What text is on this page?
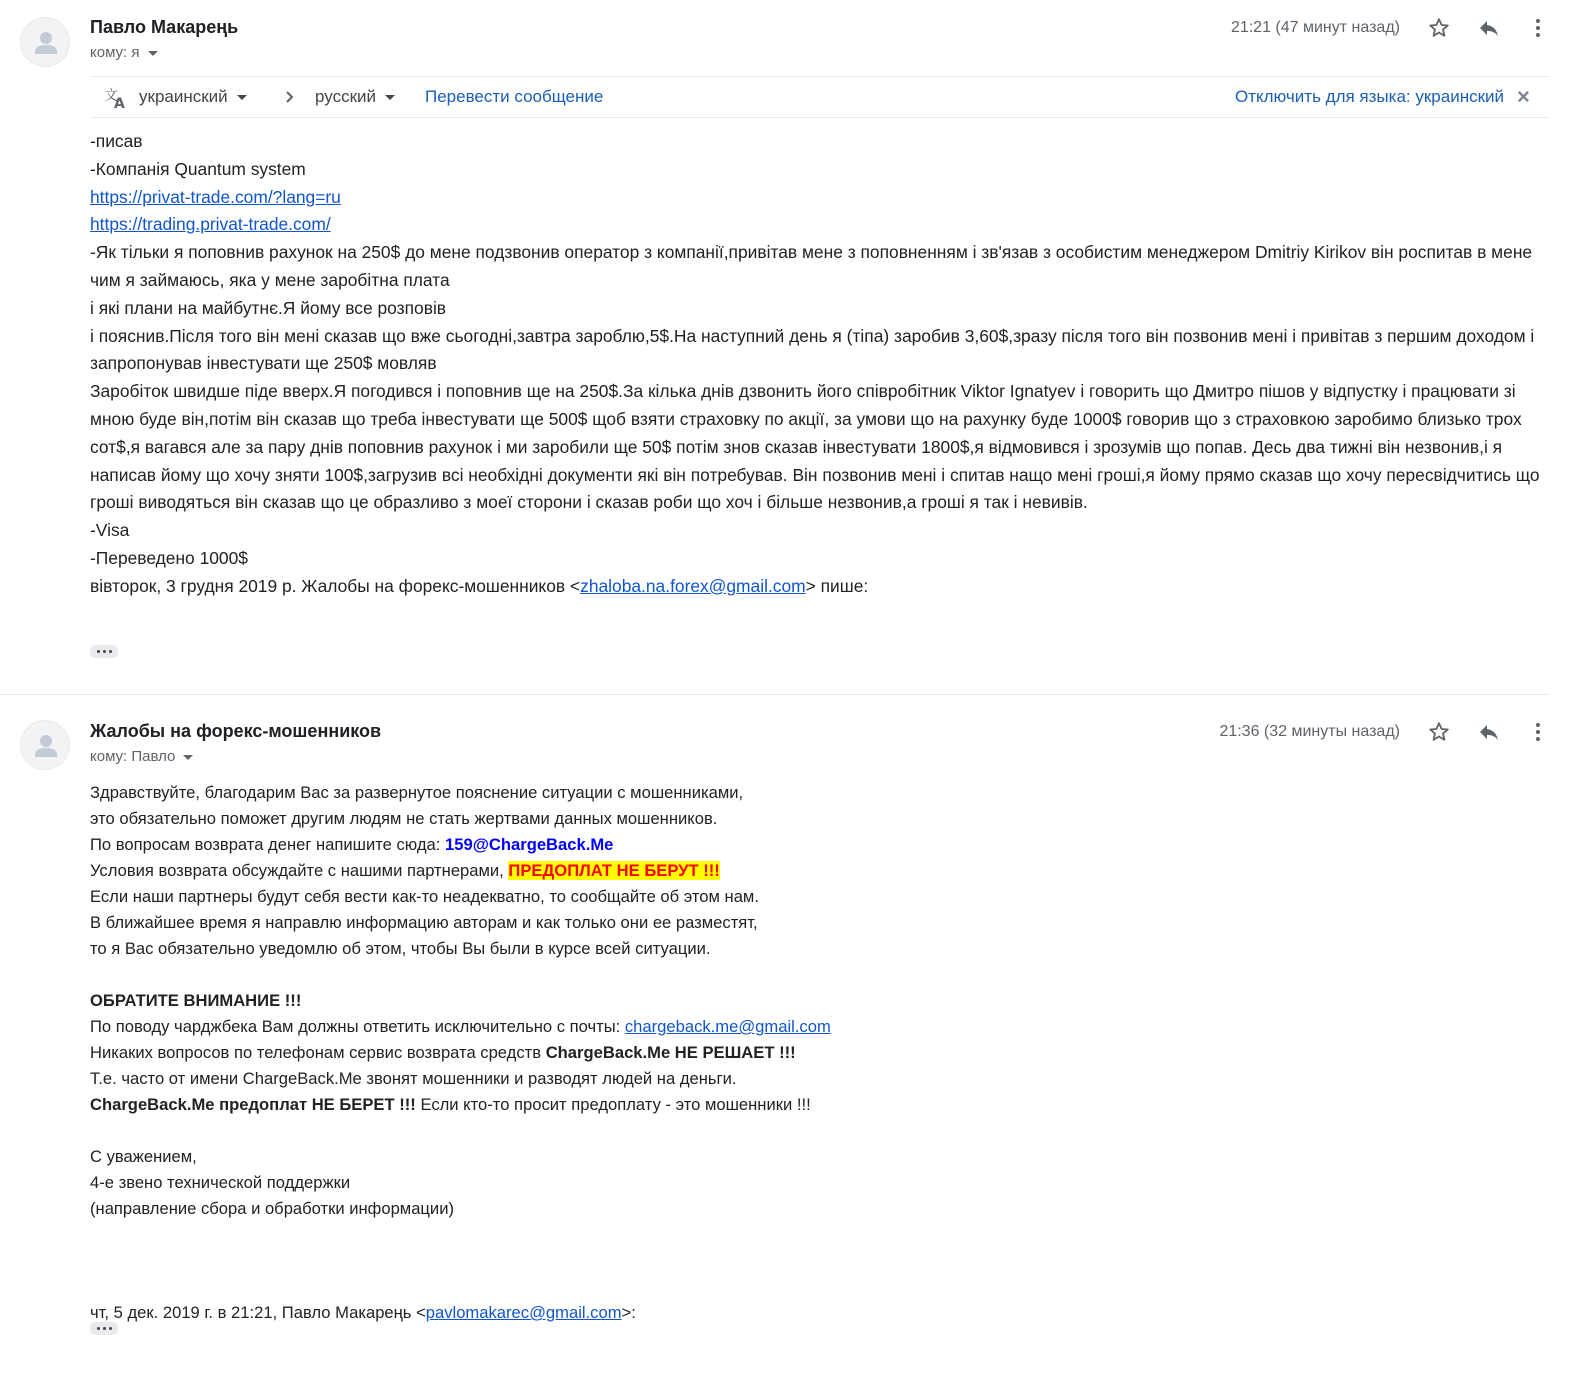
Павло Макареңь
кому: я
21:21 (47 минут назад)
文
A украинский	русский	Перевести сообщение	Отключить для языка: украинский ×
-писав
-Компанія Quantum system
https://privat-trade.com/?lang=ru
https://trading.privat-trade.com/
-Як тільки я поповнив рахунок на 250$ до мене подзвонив оператор з компанії,привітав мене з поповненням і зв'язав з особистим менеджером Dmitriy Kirikov він роспитав в мене чим я займаюсь, яка у мене заробітна плата
і які плани на майбутнє.Я йому все розповів
і пояснив.Після того він мені сказав що вже сьогодні,завтра зароблю,5$.На наступний день я (тіпа) заробив 3,60$,зразу після того він позвонив мені і привітав з першим доходом і запропонував інвестувати ще 250$ мовляв
Заробіток швидше піде вверх.Я погодився і поповнив ще на 250$.За кілька днів дзвонить його співробітник Viktor Ignatyev і говорить що Дмитро пішов у відпустку і працювати зі мною буде він,потім він сказав що треба інвестувати ще 500$ щоб взяти страховку по акції, за умови що на рахунку буде 1000$ говорив що з страховкою заробимо близько трох сот$,я вагався але за пару днів поповнив рахунок і ми заробили ще 50$ потім знов сказав інвестувати 1800$,я відмовився і зрозумів що попав. Десь два тижні він незвонив,і я написав йому що хочу зняти 100$,загрузив всі необхідні документи які він потребував. Він позвонив мені і спитав нащо мені гроші,я йому прямо сказав що хочу пересвідчитись що гроші виводяться він сказав що це образливо з моеї сторони і сказав роби що хоч і більше незвонив,а гроші я так і невивів.
-Visa
-Переведено 1000$
вівторок, 3 грудня 2019 р. Жалобы на форекс-мошенников <zhaloba.na.forex@gmail.com> пише:
Жалобы на форекс-мошенников
кому: Павло
21:36 (32 минуты назад)
Здравствуйте, благодарим Вас за развернутое пояснение ситуации с мошенниками,
это обязательно поможет другим людям не стать жертвами данных мошенников.
По вопросам возврата денег напишите сюда: 159@ChargeBack.Me
Условия возврата обсуждайте с нашими партнерами, ПРЕДОПЛАТ НЕ БЕРУТ !!!
Если наши партнеры будут себя вести как-то неадекватно, то сообщайте об этом нам.
В ближайшее время я направлю информацию авторам и как только они ее разместят,
то я Вас обязательно уведомлю об этом, чтобы Вы были в курсе всей ситуации.
ОБРАТИТЕ ВНИМАНИЕ !!!
По поводу чарджбека Вам должны ответить исключительно с почты: chargeback.me@gmail.com
Никаких вопросов по телефонам сервис возврата средств ChargeBack.Me НЕ РЕШАЕТ !!!
Т.е. часто от имени ChargeBack.Me звонят мошенники и разводят людей на деньги.
ChargeBack.Me предоплат НЕ БЕРЕТ !!! Если кто-то просит предоплату - это мошенники !!!
С уважением,
4-е звено технической поддержки
(направление сбора и обработки информации)
чт, 5 дек. 2019 г. в 21:21, Павло Макареңь <pavlomakarec@gmail.com>:
